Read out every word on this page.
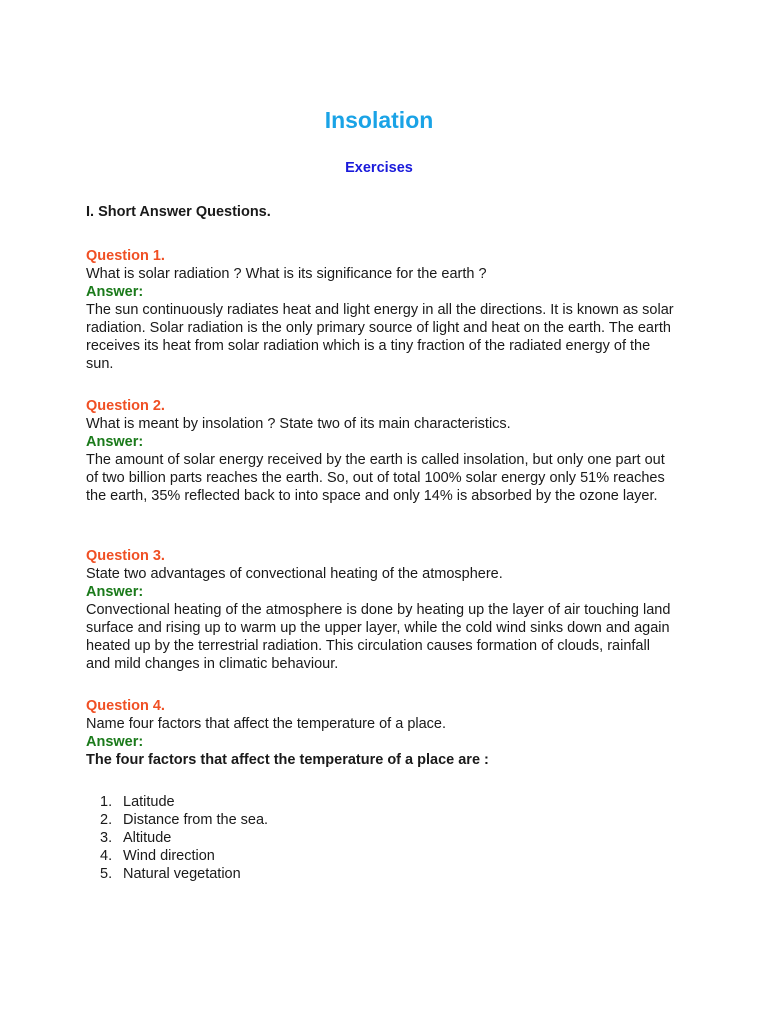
Insolation
Exercises
I. Short Answer Questions.
Question 1.
What is solar radiation ? What is its significance for the earth ?
Answer:
The sun continuously radiates heat and light energy in all the directions. It is known as solar radiation. Solar radiation is the only primary source of light and heat on the earth. The earth receives its heat from solar radiation which is a tiny fraction of the radiated energy of the sun.
Question 2.
What is meant by insolation ? State two of its main characteristics.
Answer:
The amount of solar energy received by the earth is called insolation, but only one part out of two billion parts reaches the earth. So, out of total 100% solar energy only 51% reaches the earth, 35% reflected back to into space and only 14% is absorbed by the ozone layer.
Question 3.
State two advantages of convectional heating of the atmosphere.
Answer:
Convectional heating of the atmosphere is done by heating up the layer of air touching land surface and rising up to warm up the upper layer, while the cold wind sinks down and again heated up by the terrestrial radiation. This circulation causes formation of clouds, rainfall and mild changes in climatic behaviour.
Question 4.
Name four factors that affect the temperature of a place.
Answer:
The four factors that affect the temperature of a place are :
1. Latitude
2. Distance from the sea.
3. Altitude
4. Wind direction
5. Natural vegetation
